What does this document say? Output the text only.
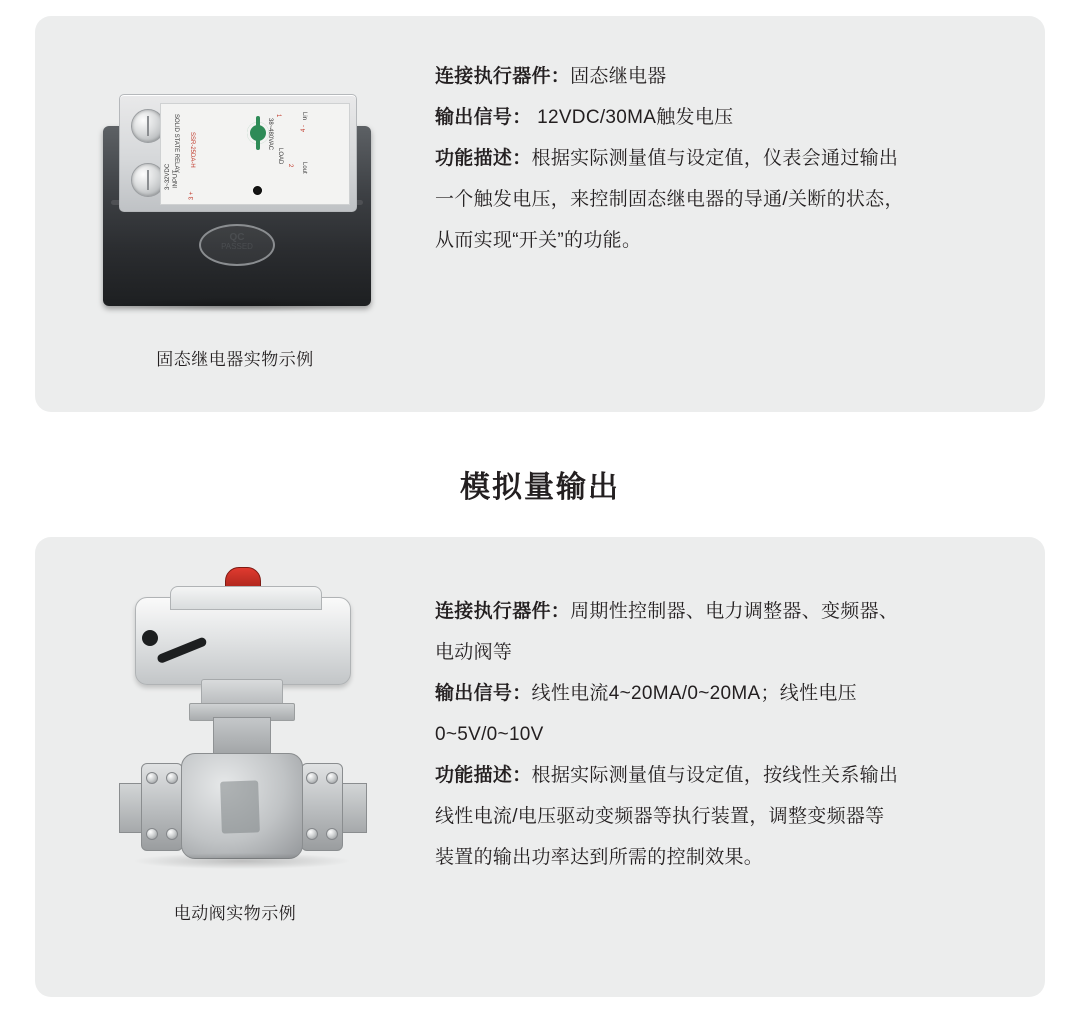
SOLID STATE RELAY SSR-25DA-H
INPUT
3~32VDC
4 -
3 +
1
2
38~480VAC
LOAD
Lin
Lout
QC
PASSED
固态继电器实物示例
连接执行器件：固态继电器
输出信号： 12VDC/30MA触发电压
功能描述：根据实际测量值与设定值，仪表会通过输出
一个触发电压，来控制固态继电器的导通/关断的状态，
从而实现“开关”的功能。
模拟量输出
电动阀实物示例
连接执行器件：周期性控制器、电力调整器、变频器、
电动阀等
输出信号：线性电流4~20MA/0~20MA；线性电压
0~5V/0~10V
功能描述：根据实际测量值与设定值，按线性关系输出
线性电流/电压驱动变频器等执行装置，调整变频器等
装置的输出功率达到所需的控制效果。
